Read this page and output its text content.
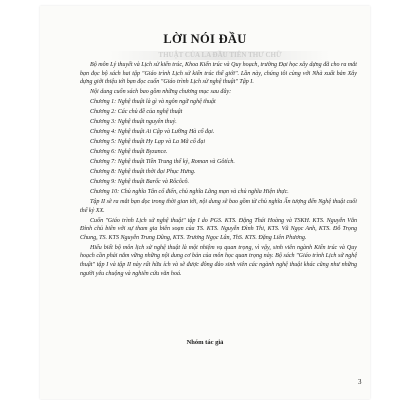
LỜI NÓI ĐẦU
THUẬT CỦA LA ĐẦU TIÊN THƯ CHỮ

Bộ môn Lý thuyết và Lịch sử kiến trúc, Khoa Kiến trúc và Quy hoạch, trường Đại học xây dựng đã cho ra mắt bạn đọc bộ sách hai tập "Giáo trình Lịch sử kiến trúc thế giới". Lần này, chúng tôi cùng với Nhà xuất bản Xây dựng giới thiệu tới bạn đọc cuốn "Giáo trình Lịch sử nghệ thuật" Tập I.

Nội dung cuốn sách bao gồm những chương mục sau đây:

Chương 1: Nghệ thuật là gì và ngôn ngữ nghệ thuật

Chương 2: Các chủ đề của nghệ thuật

Chương 3: Nghệ thuật nguyên thuỷ.

Chương 4: Nghệ thuật Ai Cập và Lưỡng Hà cổ đại.

Chương 5: Nghệ thuật Hy Lạp và La Mã cổ đại

Chương 6: Nghệ thuật Byzance.

Chương 7: Nghệ thuật Tiền Trung thế kỷ, Roman và Gôtích.

Chương 8: Nghệ thuật thời đại Phục Hưng.

Chương 9: Nghệ thuật Barốc và Rôcôcô.

Chương 10: Chủ nghĩa Tân cổ điển, chủ nghĩa Lãng mạn và chủ nghĩa Hiện thực.

Tập II sẽ ra mắt bạn đọc trong thời gian tới, nội dung sẽ bao gồm từ chủ nghĩa Ấn tượng đến Nghệ thuật cuối thế kỷ XX.

Cuốn "Giáo trình Lịch sử nghệ thuật" tập I do PGS. KTS. Đặng Thái Hoàng và TSKH. KTS. Nguyễn Văn Đỉnh chủ biên với sự tham gia biên soạn của TS. KTS. Nguyễn Đình Thi, KTS. Vũ Ngọc Anh, KTS. Đỗ Trọng Chung, TS. KTS Nguyễn Trung Dũng, KTS. Trương Ngọc Lân, ThS. KTS. Đặng Liên Phương.

Hiểu biết bộ môn lịch sử nghệ thuật là một nhiệm vụ quan trọng, vì vậy, sinh viên ngành Kiến trúc và Quy hoạch cần phải nắm vững những nội dung cơ bản của môn học quan trọng này. Bộ sách "Giáo trình Lịch sử nghệ thuật" tập I và tập II này rất hữu ích và sẽ được đông đảo sinh viên các ngành nghệ thuật khác cũng như những người yêu chuộng và nghiên cứu văn hoá.

Nhóm tác giả
3
